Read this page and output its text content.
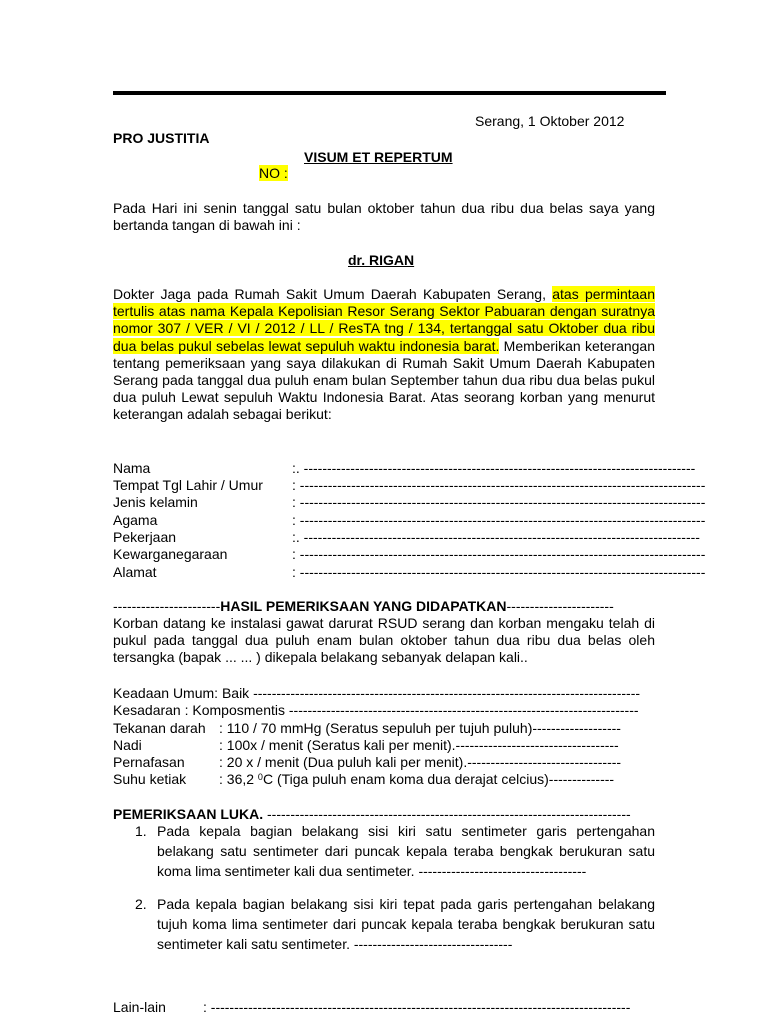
Serang, 1 Oktober 2012
PRO JUSTITIA
VISUM ET REPERTUM
NO :
Pada Hari ini senin tanggal satu bulan oktober tahun dua ribu dua belas saya yang bertanda tangan di bawah ini :
dr. RIGAN
Dokter Jaga pada Rumah Sakit Umum Daerah Kabupaten Serang, atas permintaan tertulis atas nama Kepala Kepolisian Resor Serang Sektor Pabuaran dengan suratnya nomor 307 / VER / VI / 2012 / LL / ResTA tng / 134, tertanggal satu Oktober dua ribu dua belas pukul sebelas lewat sepuluh waktu indonesia barat. Memberikan keterangan tentang pemeriksaan yang saya dilakukan di Rumah Sakit Umum Daerah Kabupaten Serang pada tanggal dua puluh enam bulan September tahun dua ribu dua belas pukul dua puluh Lewat sepuluh Waktu Indonesia Barat. Atas seorang korban yang menurut keterangan adalah sebagai berikut:
Nama	:. ------------------------------------------------------------------------------------
Tempat Tgl Lahir / Umur : ---------------------------------------------------------------------------------------
Jenis kelamin	: ---------------------------------------------------------------------------------------
Agama	: ---------------------------------------------------------------------------------------
Pekerjaan	:. -------------------------------------------------------------------------------------
Kewarganegaraan	: ---------------------------------------------------------------------------------------
Alamat	: ---------------------------------------------------------------------------------------
-----------------------HASIL PEMERIKSAAN YANG DIDAPATKAN-----------------------
Korban datang ke instalasi gawat darurat RSUD serang dan korban mengaku telah di pukul pada tanggal dua puluh enam bulan oktober tahun dua ribu dua belas oleh tersangka (bapak ... ... ) dikepala belakang sebanyak delapan kali..
Keadaan Umum: Baik -----------------------------------------------------------------------------------
Kesadaran : Komposmentis ---------------------------------------------------------------------------
Tekanan darah : 110 / 70 mmHg (Seratus sepuluh per tujuh puluh)-------------------
Nadi	: 100x / menit (Seratus kali per menit).-----------------------------------
Pernafasan : 20 x / menit (Dua puluh kali per menit).---------------------------------
Suhu ketiak : 36,2 $^0$C (Tiga puluh enam koma dua derajat celcius)--------------
PEMERIKSAAN LUKA. ------------------------------------------------------------------------------
1. Pada kepala bagian belakang sisi kiri satu sentimeter garis pertengahan belakang satu sentimeter dari puncak kepala teraba bengkak berukuran satu koma lima sentimeter kali dua sentimeter. ------------------------------------
2. Pada kepala bagian belakang sisi kiri tepat pada garis pertengahan belakang tujuh koma lima sentimeter dari puncak kepala teraba bengkak berukuran satu sentimeter kali satu sentimeter. ----------------------------------
Lain-lain	: ------------------------------------------------------------------------------------------
